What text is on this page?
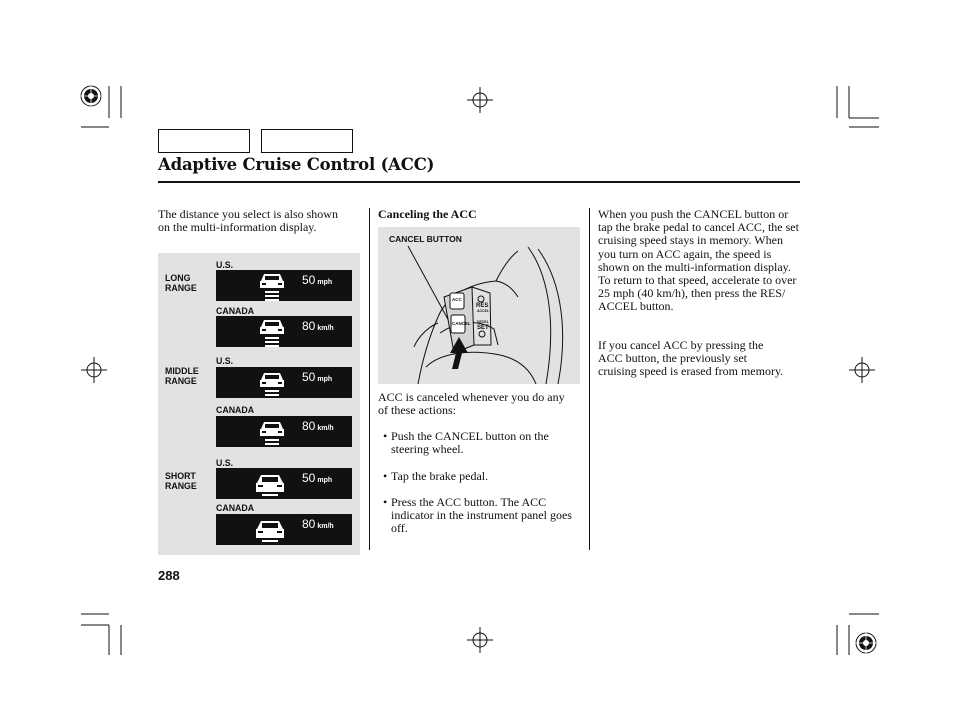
Adaptive Cruise Control (ACC)
The distance you select is also shown on the multi-information display.
LONG RANGE
MIDDLE RANGE
SHORT RANGE
U.S.
50 mph
CANADA
80 km/h
U.S.
50 mph
CANADA
80 km/h
U.S.
50 mph
CANADA
80 km/h
Canceling the ACC
CANCEL BUTTON
ACC
CANCEL
RES
ACCEL
DECEL
SET
ACC is canceled whenever you do any of these actions:
• Push the CANCEL button on the steering wheel.
• Tap the brake pedal.
• Press the ACC button. The ACC indicator in the instrument panel goes off.
When you push the CANCEL button or tap the brake pedal to cancel ACC, the set cruising speed stays in memory. When you turn on ACC again, the speed is shown on the multi-information display. To return to that speed, accelerate to over 25 mph (40 km/h), then press the RES/ ACCEL button.
If you cancel ACC by pressing the ACC button, the previously set cruising speed is erased from memory.
288
